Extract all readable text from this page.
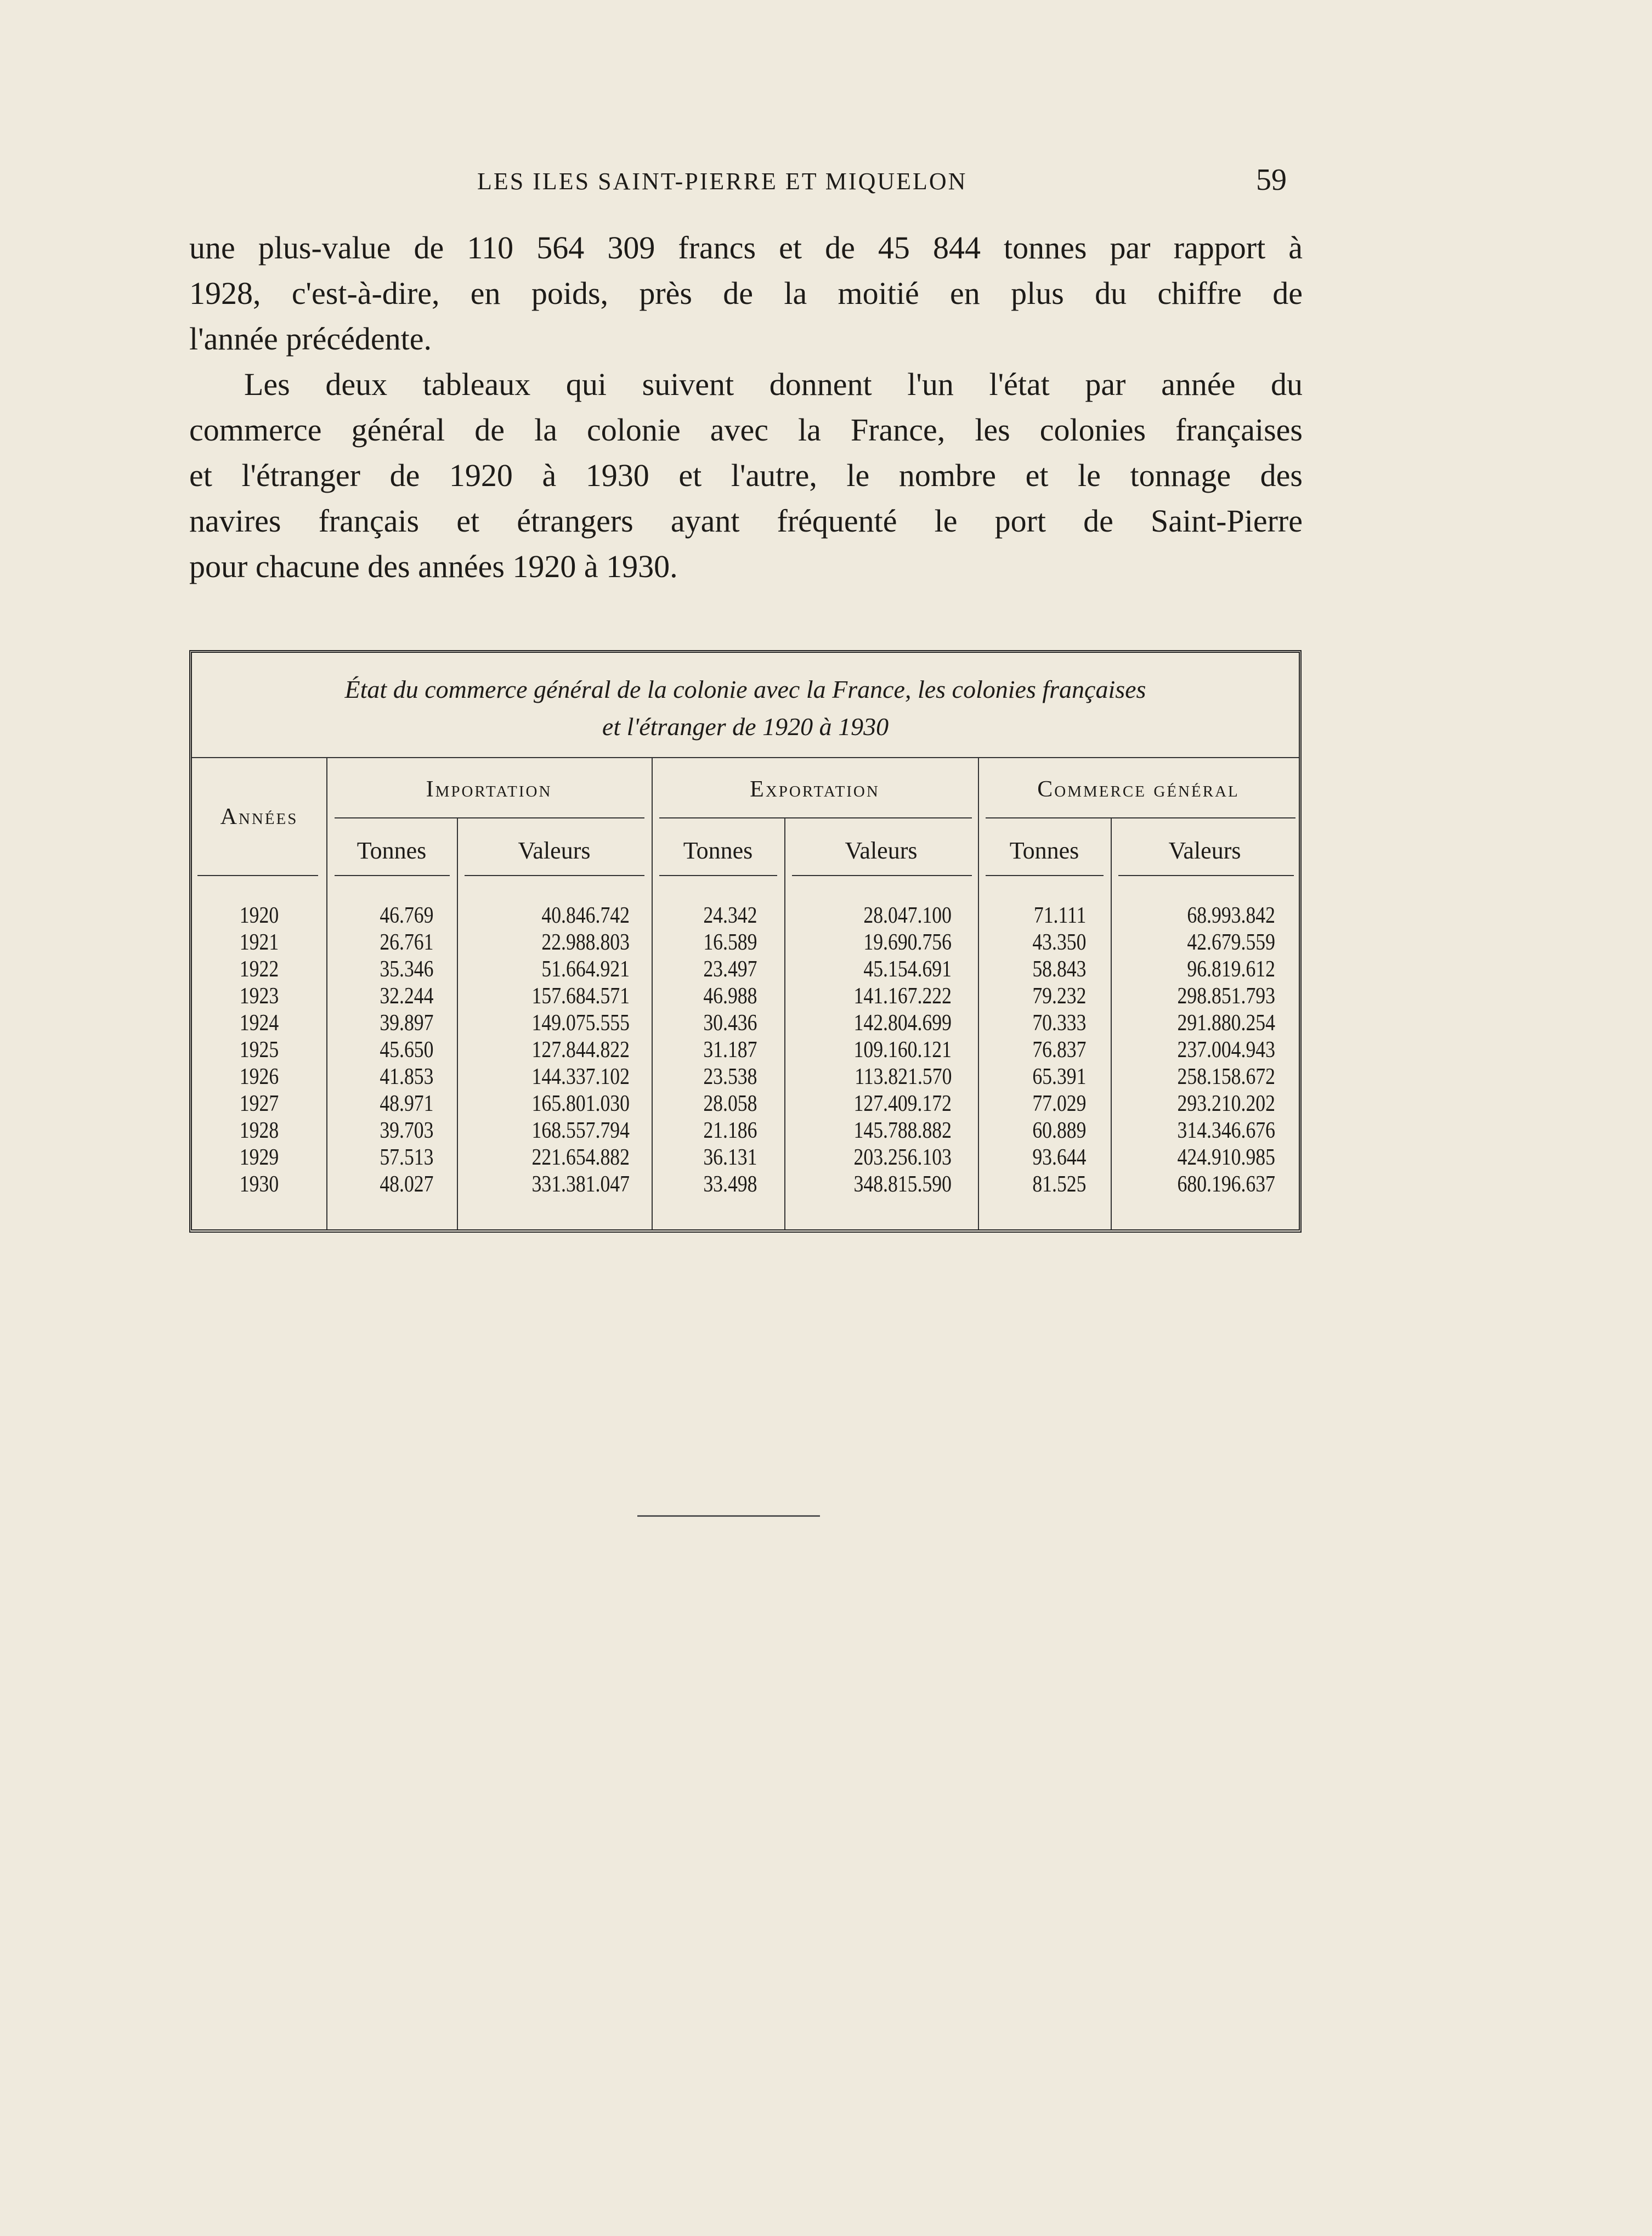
LES ILES SAINT-PIERRE ET MIQUELON	59
une plus-value de 110 564 309 francs et de 45 844 tonnes par rapport à
1928, c'est-à-dire, en poids, près de la moitié en plus du chiffre de
l'année précédente.
Les deux tableaux qui suivent donnent l'un l'état par année du
commerce général de la colonie avec la France, les colonies françaises
et l'étranger de 1920 à 1930 et l'autre, le nombre et le tonnage des
navires français et étrangers ayant fréquenté le port de Saint-Pierre
pour chacune des années 1920 à 1930.
État du commerce général de la colonie avec la France, les colonies françaises
et l'étranger de 1920 à 1930
Années
Importation	Exportation	Commerce général
Tonnes	Valeurs	Tonnes	Valeurs	Tonnes	Valeurs
1920	46.769	40.846.742	24.342	28.047.100	71.111	68.993.842
1921	26.761	22.988.803	16.589	19.690.756	43.350	42.679.559
1922	35.346	51.664.921	23.497	45.154.691	58.843	96.819.612
1923	32.244	157.684.571	46.988	141.167.222	79.232	298.851.793
1924	39.897	149.075.555	30.436	142.804.699	70.333	291.880.254
1925	45.650	127.844.822	31.187	109.160.121	76.837	237.004.943
1926	41.853	144.337.102	23.538	113.821.570	65.391	258.158.672
1927	48.971	165.801.030	28.058	127.409.172	77.029	293.210.202
1928	39.703	168.557.794	21.186	145.788.882	60.889	314.346.676
1929	57.513	221.654.882	36.131	203.256.103	93.644	424.910.985
1930	48.027	331.381.047	33.498	348.815.590	81.525	680.196.637
